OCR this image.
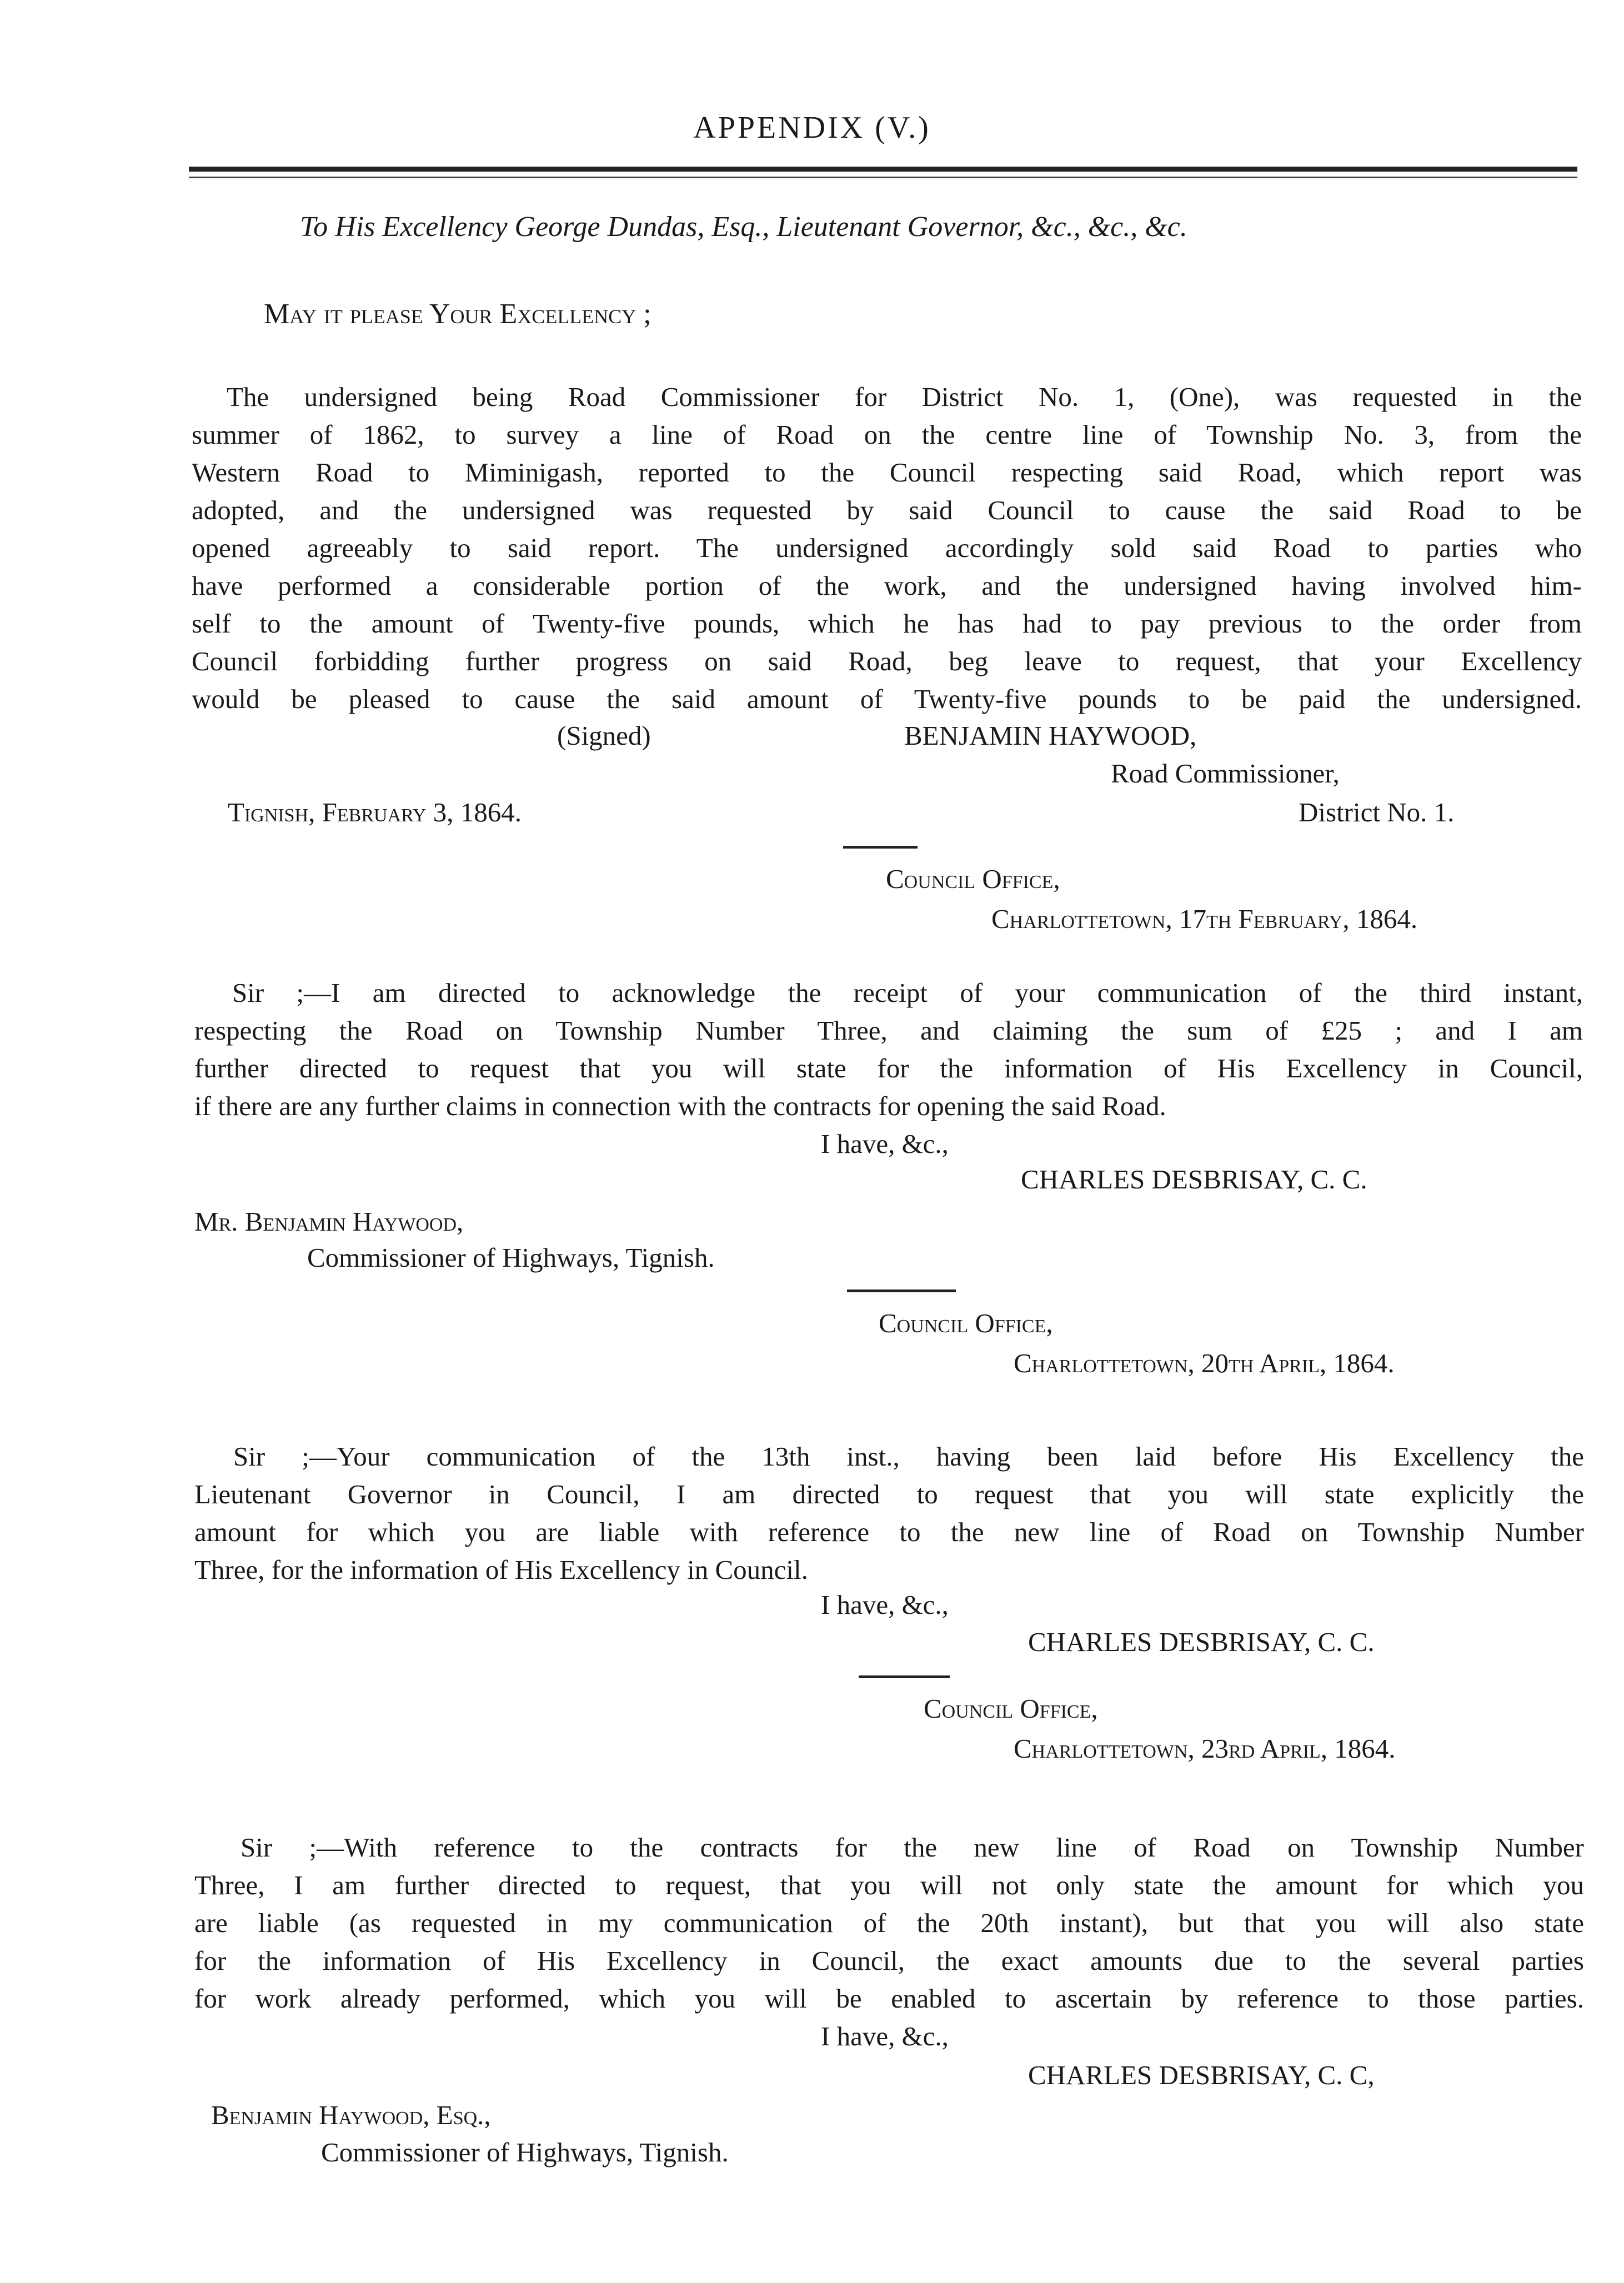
APPENDIX (V.)
To His Excellency George Dundas, Esq., Lieutenant Governor, &c., &c., &c.
May it please Your Excellency ;
The undersigned being Road Commissioner for District No. 1, (One), was requested in the
summer of 1862, to survey a line of Road on the centre line of Township No. 3, from the
Western Road to Miminigash, reported to the Council respecting said Road, which report was
adopted, and the undersigned was requested by said Council to cause the said Road to be
opened agreeably to said report. The undersigned accordingly sold said Road to parties who
have performed a considerable portion of the work, and the undersigned having involved him-
self to the amount of Twenty-five pounds, which he has had to pay previous to the order from
Council forbidding further progress on said Road, beg leave to request, that your Excellency
would be pleased to cause the said amount of Twenty-five pounds to be paid the undersigned.
(Signed)	BENJAMIN HAYWOOD,
Road Commissioner,
Tignish, February 3, 1864.	District No. 1.
Council Office,
Charlottetown, 17th February, 1864.
Sir ;—I am directed to acknowledge the receipt of your communication of the third instant,
respecting the Road on Township Number Three, and claiming the sum of £25 ; and I am
further directed to request that you will state for the information of His Excellency in Council,
if there are any further claims in connection with the contracts for opening the said Road.
I have, &c.,
CHARLES DESBRISAY, C. C.
Mr. Benjamin Haywood,
Commissioner of Highways, Tignish.
Council Office,
Charlottetown, 20th April, 1864.
Sir ;—Your communication of the 13th inst., having been laid before His Excellency the
Lieutenant Governor in Council, I am directed to request that you will state explicitly the
amount for which you are liable with reference to the new line of Road on Township Number
Three, for the information of His Excellency in Council.
I have, &c.,
CHARLES DESBRISAY, C. C.
Council Office,
Charlottetown, 23rd April, 1864.
Sir ;—With reference to the contracts for the new line of Road on Township Number
Three, I am further directed to request, that you will not only state the amount for which you
are liable (as requested in my communication of the 20th instant), but that you will also state
for the information of His Excellency in Council, the exact amounts due to the several parties
for work already performed, which you will be enabled to ascertain by reference to those parties.
I have, &c.,
CHARLES DESBRISAY, C. C,
Benjamin Haywood, Esq.,
Commissioner of Highways, Tignish.
